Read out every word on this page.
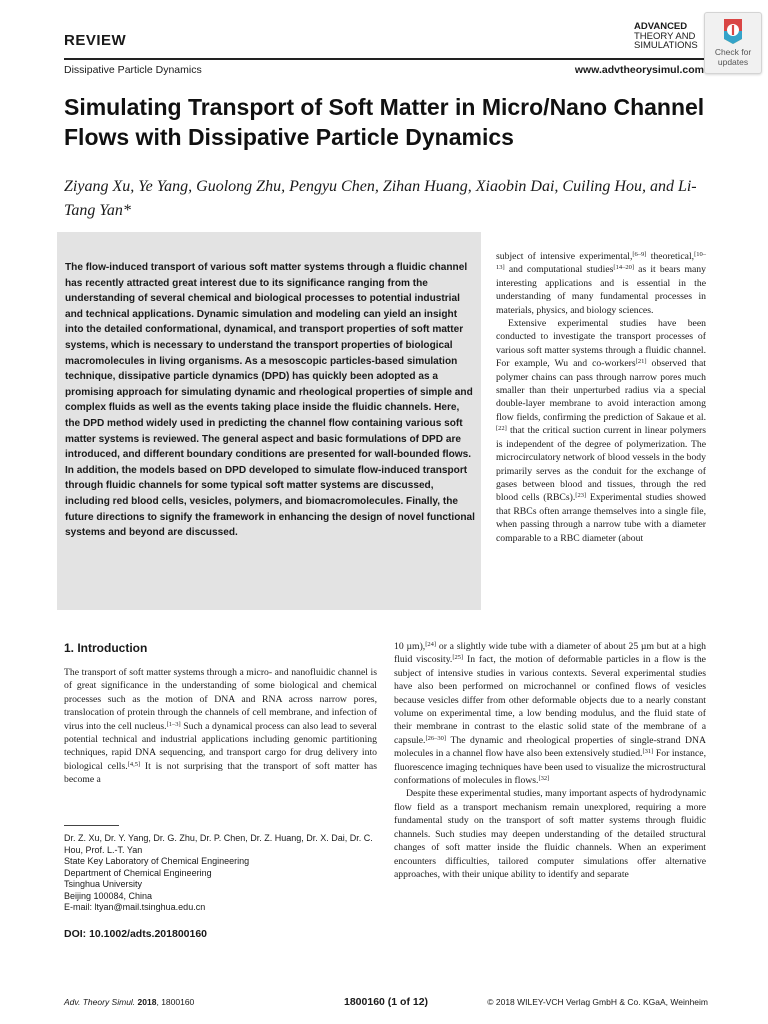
REVIEW
Dissipative Particle Dynamics	www.advtheorysimul.com
ADVANCED
THEORY AND
SIMULATIONS
Check for updates
Simulating Transport of Soft Matter in Micro/Nano Channel Flows with Dissipative Particle Dynamics
Ziyang Xu, Ye Yang, Guolong Zhu, Pengyu Chen, Zihan Huang, Xiaobin Dai, Cuiling Hou, and Li-Tang Yan*
The flow-induced transport of various soft matter systems through a fluidic channel has recently attracted great interest due to its significance ranging from the understanding of several chemical and biological processes to potential industrial and technical applications. Dynamic simulation and modeling can yield an insight into the detailed conformational, dynamical, and transport properties of soft matter systems, which is necessary to understand the transport properties of biological macromolecules in living organisms. As a mesoscopic particles-based simulation technique, dissipative particle dynamics (DPD) has quickly been adopted as a promising approach for simulating dynamic and rheological properties of simple and complex fluids as well as the events taking place inside the fluidic channels. Here, the DPD method widely used in predicting the channel flow containing various soft matter systems is reviewed. The general aspect and basic formulations of DPD are introduced, and different boundary conditions are presented for wall-bounded flows. In addition, the models based on DPD developed to simulate flow-induced transport through fluidic channels for some typical soft matter systems are discussed, including red blood cells, vesicles, polymers, and biomacromolecules. Finally, the future directions to signify the framework in enhancing the design of novel functional systems and beyond are discussed.

subject of intensive experimental,[6–9] theoretical,[10–13] and computational studies[14–20] as it bears many interesting applications and is essential in the understanding of many fundamental processes in materials, physics, and biology sciences.

Extensive experimental studies have been conducted to investigate the transport processes of various soft matter systems through a fluidic channel. For example, Wu and co-workers[21] observed that polymer chains can pass through narrow pores much smaller than their unperturbed radius via a special double-layer membrane to avoid interaction among flow fields, confirming the prediction of Sakaue et al.[22] that the critical suction current in linear polymers is independent of the degree of polymerization. The microcirculatory network of blood vessels in the body primarily serves as the conduit for the exchange of gases between blood and tissues, through the red blood cells (RBCs).[23] Experimental studies showed that RBCs often arrange themselves into a single file, when passing through a narrow tube with a diameter comparable to a RBC diameter (about

1. Introduction

The transport of soft matter systems through a micro- and nanofluidic channel is of great significance in the understanding of some biological and chemical processes such as the motion of DNA and RNA across narrow pores, translocation of protein through the channels of cell membrane, and infection of virus into the cell nucleus.[1–3] Such a dynamical process can also lead to several potential technical and industrial applications including genomic partitioning techniques, rapid DNA sequencing, and transport cargo for drug delivery into biological cells.[4,5] It is not surprising that the transport of soft matter has become a

10 µm),[24] or a slightly wide tube with a diameter of about 25 µm but at a high fluid viscosity.[25] In fact, the motion of deformable particles in a flow is the subject of intensive studies in various contexts. Several experimental studies have also been performed on microchannel or confined flows of vesicles because vesicles differ from other deformable objects due to a nearly constant volume on experimental time, a low bending modulus, and the fluid state of their membrane in contrast to the elastic solid state of the membrane of a capsule.[26–30] The dynamic and rheological properties of single-strand DNA molecules in a channel flow have also been extensively studied.[31] For instance, fluorescence imaging techniques have been used to visualize the microstructural conformations of molecules in flows.[32]

Despite these experimental studies, many important aspects of hydrodynamic flow field as a transport mechanism remain unexplored, requiring a more fundamental study on the transport of soft matter systems through fluidic channels. Such studies may deepen understanding of the detailed structural changes of soft matter inside the fluidic channels. When an experiment encounters difficulties, tailored computer simulations offer alternative approaches, with their unique ability to identify and separate

Dr. Z. Xu, Dr. Y. Yang, Dr. G. Zhu, Dr. P. Chen, Dr. Z. Huang, Dr. X. Dai, Dr. C. Hou, Prof. L.-T. Yan
State Key Laboratory of Chemical Engineering
Department of Chemical Engineering
Tsinghua University
Beijing 100084, China
E-mail: ltyan@mail.tsinghua.edu.cn
DOI: 10.1002/adts.201800160
Adv. Theory Simul. 2018, 1800160	1800160 (1 of 12)	© 2018 WILEY-VCH Verlag GmbH & Co. KGaA, Weinheim
